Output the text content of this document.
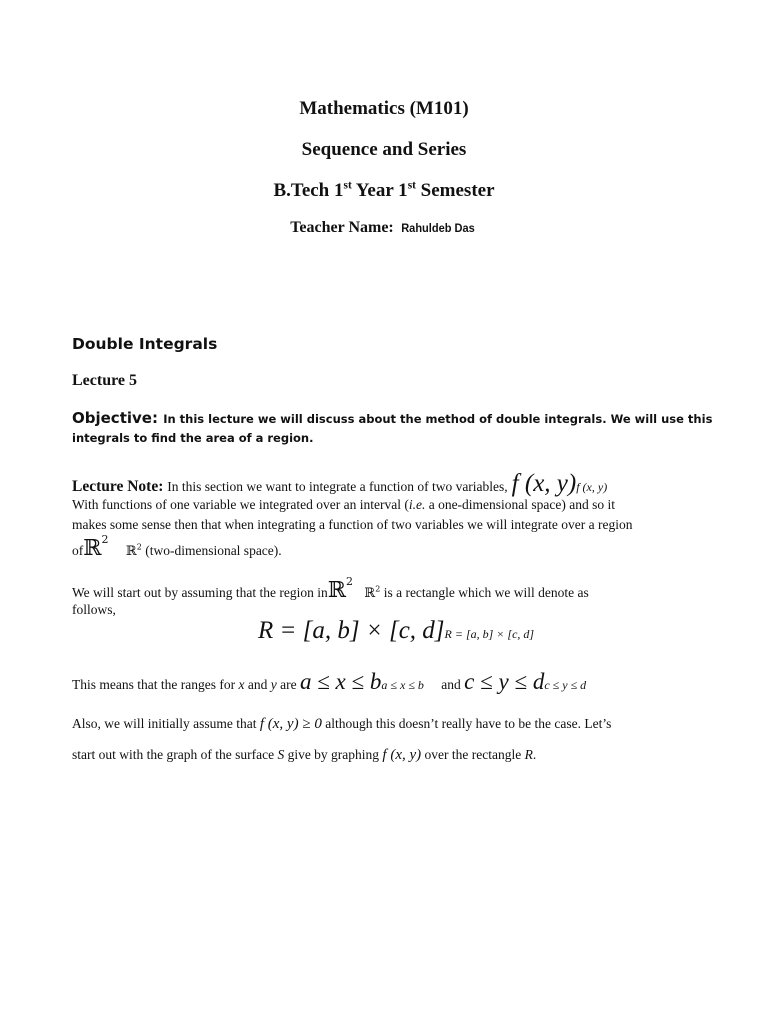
Mathematics (M101)
Sequence and Series
B.Tech 1st Year 1st Semester
Teacher Name: Rahuldeb Das
Double Integrals
Lecture 5
Objective: In this lecture we will discuss about the method of double integrals. We will use this
integrals to find the area of a region.
Lecture Note: In this section we want to integrate a function of two variables, f (x, y)f (x, y)
With functions of one variable we integrated over an interval (i.e. a one-dimensional space) and so it
makes some sense then that when integrating a function of two variables we will integrate over a region
ofℝ$^2$ ℝ$^2$ (two-dimensional space).
We will start out by assuming that the region inℝ$^2$ ℝ$^2$ is a rectangle which we will denote as
follows,
R = [a, b] × [c, d]R = [a, b] × [c, d]
This means that the ranges for x and y are a ≤ x ≤ ba ≤ x ≤ b and c ≤ y ≤ dc ≤ y ≤ d
Also, we will initially assume that f (x, y) ≥ 0 although this doesn’t really have to be the case. Let’s
start out with the graph of the surface S give by graphing f (x, y) over the rectangle R.
